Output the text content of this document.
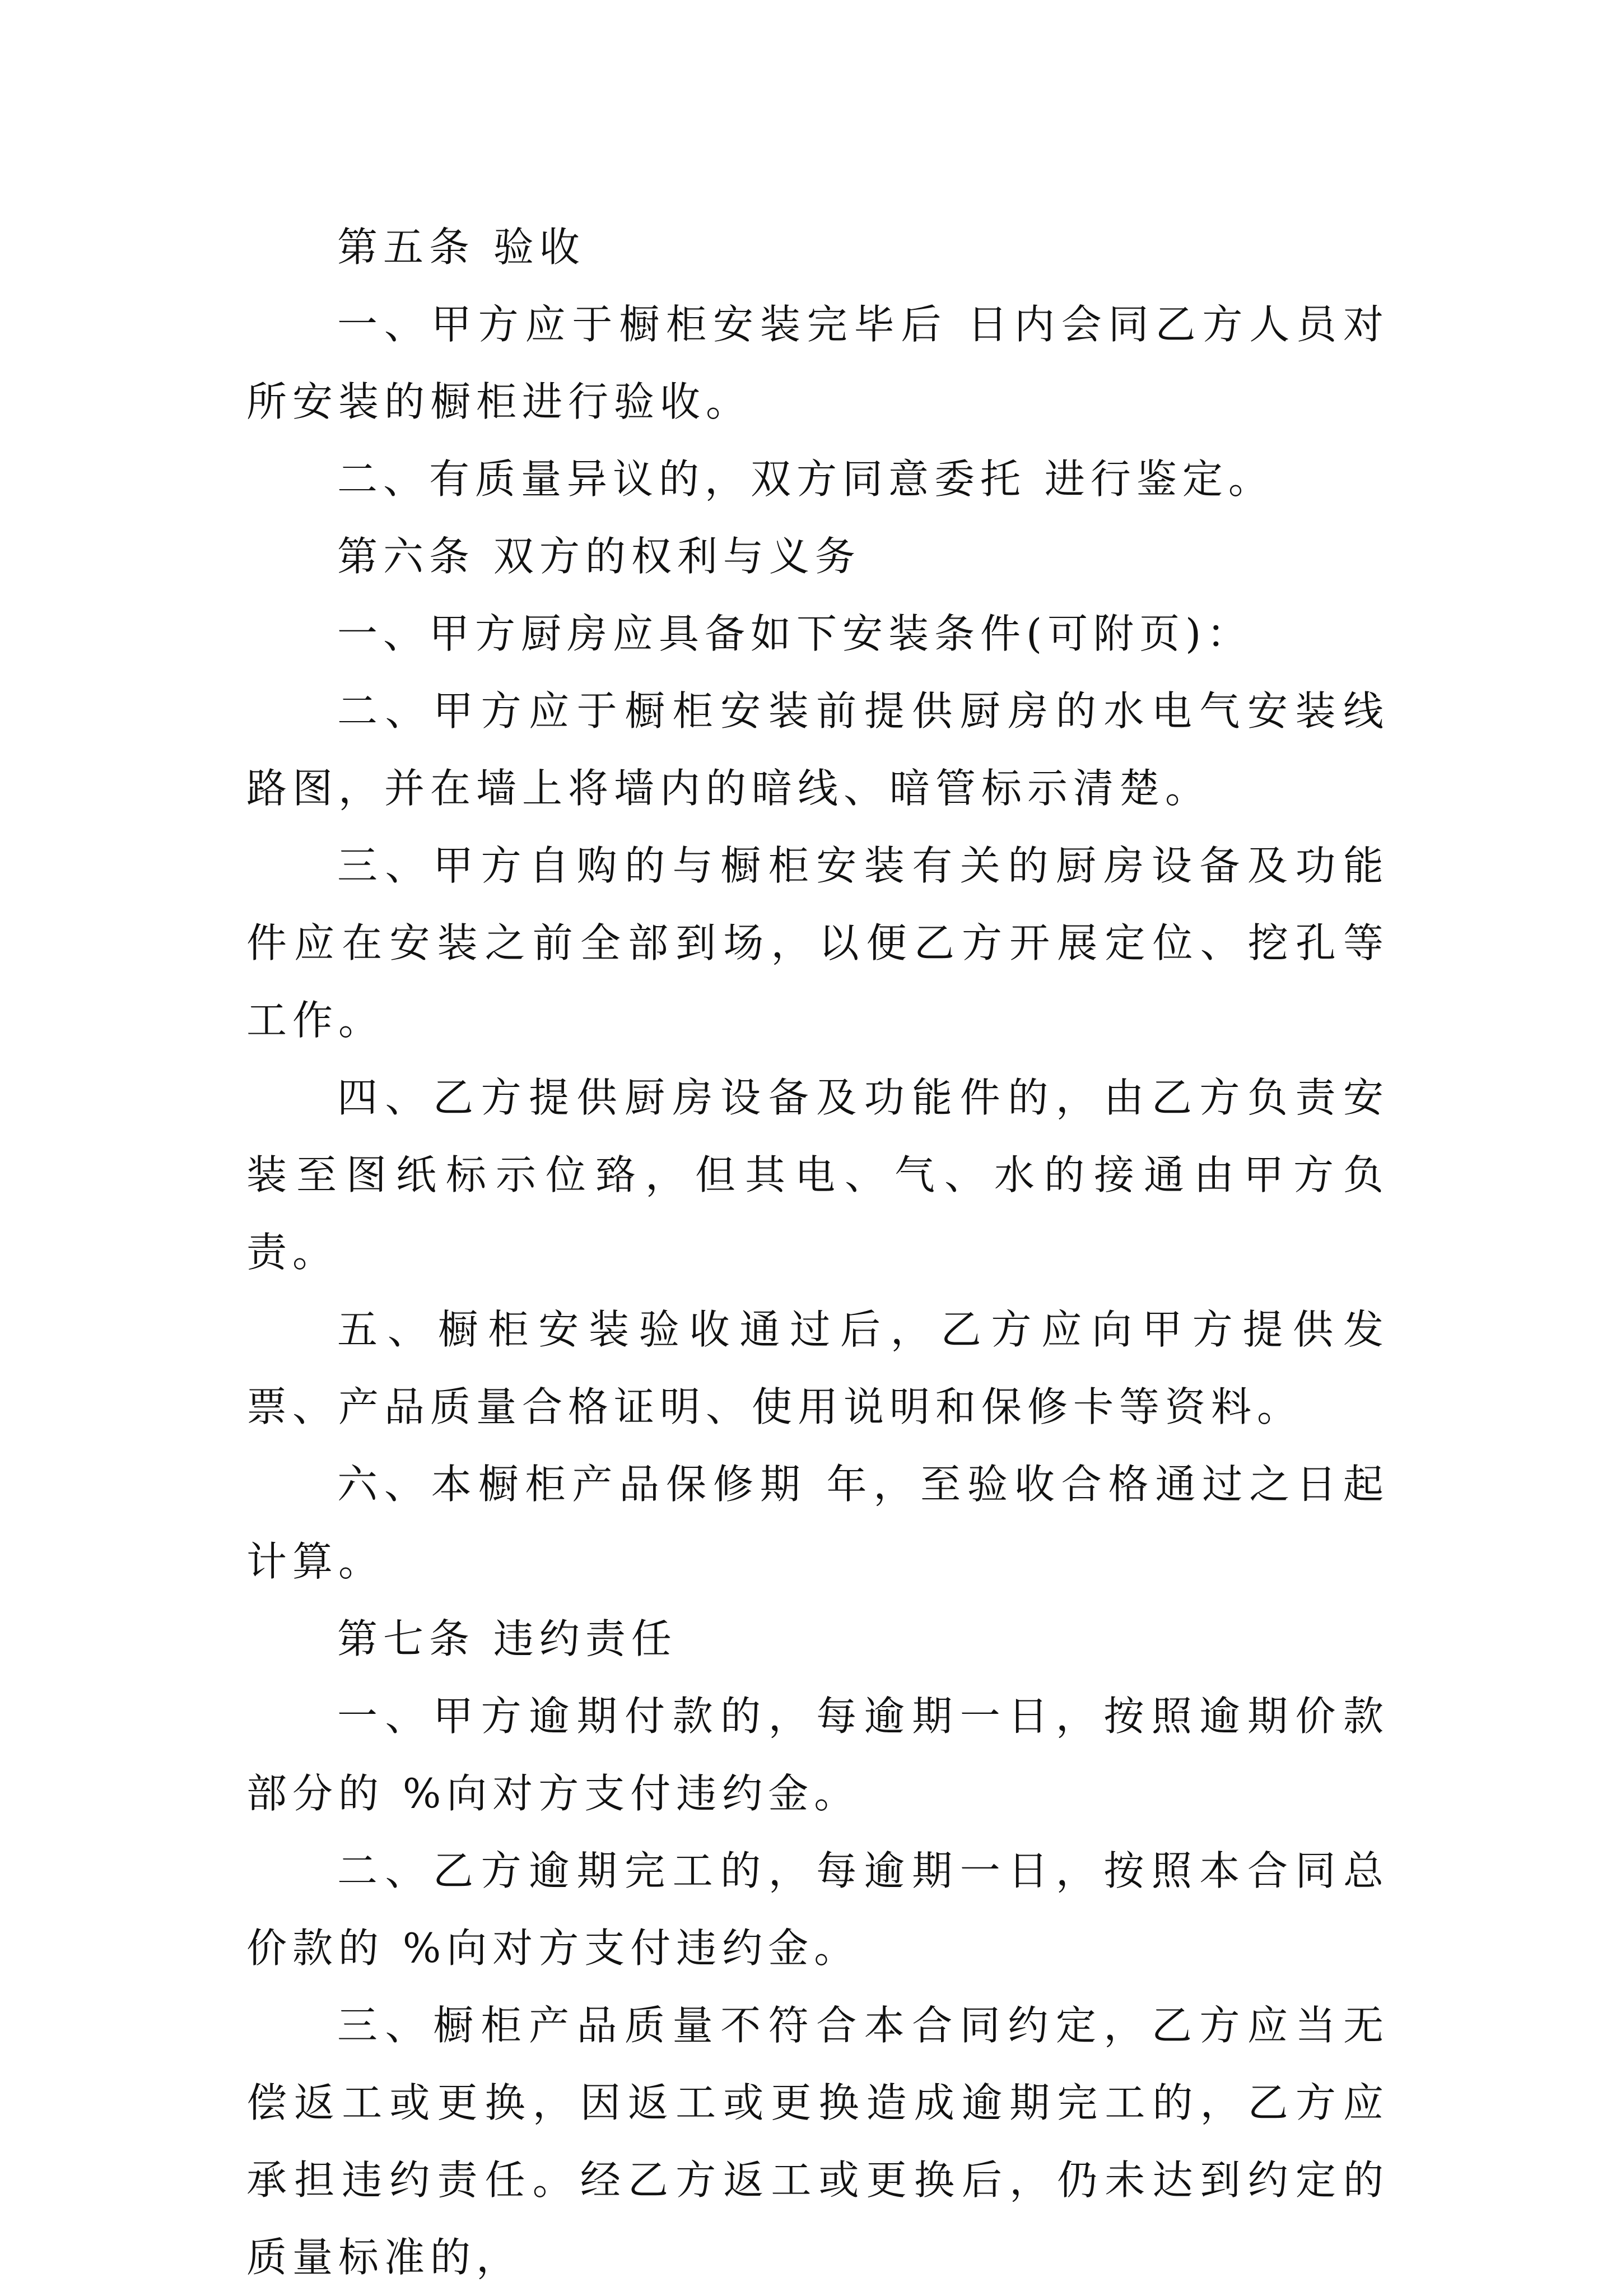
第五条 验收

一、甲方应于橱柜安装完毕后 日内会同乙方人员对所安装的橱柜进行验收。

二、有质量异议的，双方同意委托 进行鉴定。

第六条 双方的权利与义务

一、甲方厨房应具备如下安装条件(可附页)：

二、甲方应于橱柜安装前提供厨房的水电气安装线路图，并在墙上将墙内的暗线、暗管标示清楚。

三、甲方自购的与橱柜安装有关的厨房设备及功能件应在安装之前全部到场，以便乙方开展定位、挖孔等工作。

四、乙方提供厨房设备及功能件的，由乙方负责安装至图纸标示位臵，但其电、气、水的接通由甲方负责。

五、橱柜安装验收通过后，乙方应向甲方提供发票、产品质量合格证明、使用说明和保修卡等资料。

六、本橱柜产品保修期 年，至验收合格通过之日起计算。

第七条 违约责任

一、甲方逾期付款的，每逾期一日，按照逾期价款部分的 %向对方支付违约金。

二、乙方逾期完工的，每逾期一日，按照本合同总价款的 %向对方支付违约金。

三、橱柜产品质量不符合本合同约定，乙方应当无偿返工或更换，因返工或更换造成逾期完工的，乙方应承担违约责任。经乙方返工或更换后，仍未达到约定的质量标准的，
